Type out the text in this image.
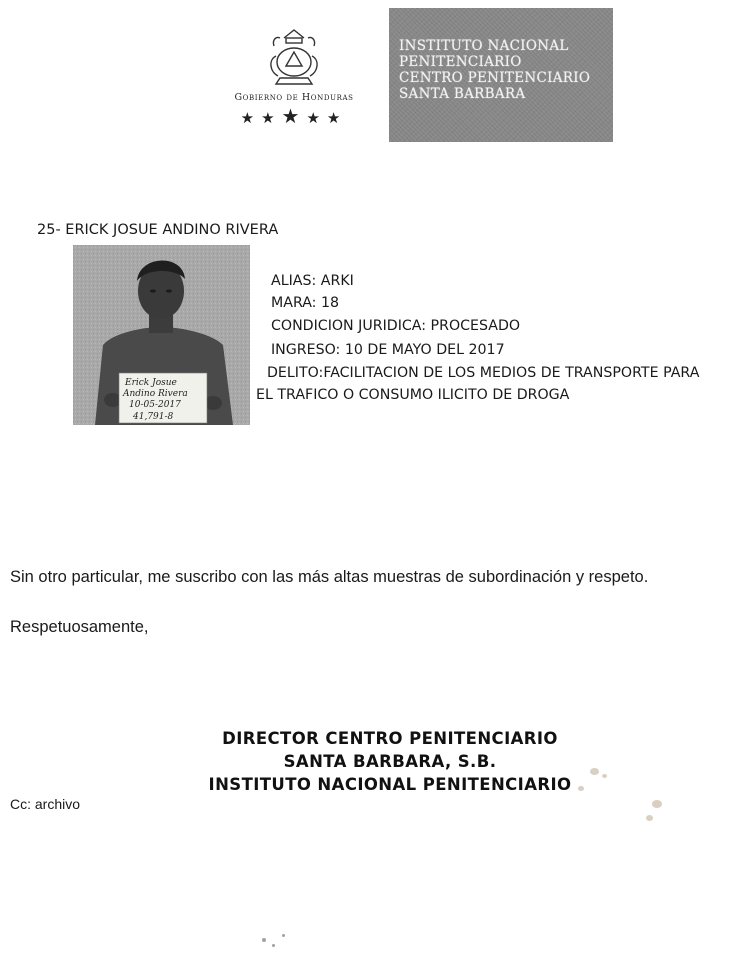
Gobierno de Honduras
★★★★★
INSTITUTO NACIONAL
PENITENCIARIO
CENTRO PENITENCIARIO
SANTA BARBARA
25- ERICK JOSUE ANDINO RIVERA
Erick Josue
Andino Rivera
10-05-2017
41,791-8
ALIAS: ARKI
MARA: 18
CONDICION JURIDICA: PROCESADO
INGRESO: 10 DE MAYO DEL 2017
DELITO:FACILITACION DE LOS MEDIOS DE TRANSPORTE PARA
EL TRAFICO O CONSUMO ILICITO DE DROGA
Sin otro particular, me suscribo con las más altas muestras de subordinación y respeto.
Respetuosamente,
DIRECTOR CENTRO PENITENCIARIO
SANTA BARBARA, S.B.
INSTITUTO NACIONAL PENITENCIARIO
Cc: archivo
